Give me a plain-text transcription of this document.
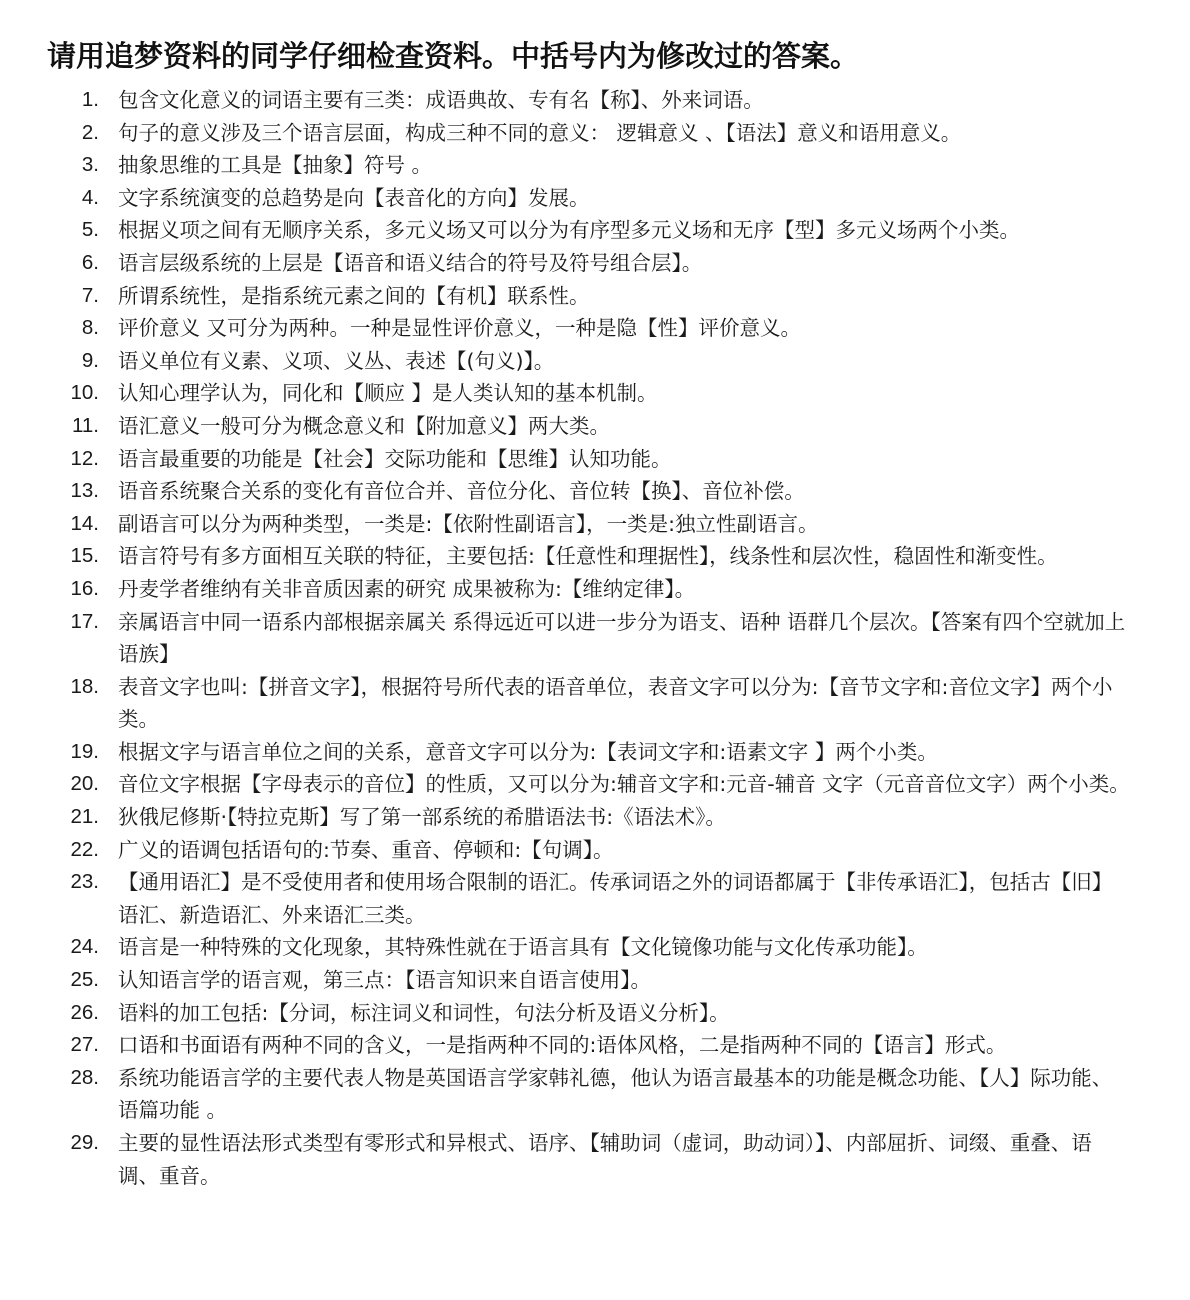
请用追梦资料的同学仔细检查资料。中括号内为修改过的答案。
1. 包含文化意义的词语主要有三类：成语典故、专有名【称】、外来词语。
2. 句子的意义涉及三个语言层面，构成三种不同的意义： 逻辑意义 、【语法】意义和语用意义。
3. 抽象思维的工具是【抽象】符号 。
4. 文字系统演变的总趋势是向【表音化的方向】发展。
5. 根据义项之间有无顺序关系，多元义场又可以分为有序型多元义场和无序【型】多元义场两个小类。
6. 语言层级系统的上层是【语音和语义结合的符号及符号组合层】。
7. 所谓系统性，是指系统元素之间的【有机】联系性。
8. 评价意义 又可分为两种。一种是显性评价意义，一种是隐【性】评价意义。
9. 语义单位有义素、义项、义丛、表述【(句义)】。
10. 认知心理学认为，同化和【顺应 】是人类认知的基本机制。
11. 语汇意义一般可分为概念意义和【附加意义】两大类。
12. 语言最重要的功能是【社会】交际功能和【思维】认知功能。
13. 语音系统聚合关系的变化有音位合并、音位分化、音位转【换】、音位补偿。
14. 副语言可以分为两种类型，一类是:【依附性副语言】，一类是:独立性副语言。
15. 语言符号有多方面相互关联的特征，主要包括:【任意性和理据性】，线条性和层次性，稳固性和渐变性。
16. 丹麦学者维纳有关非音质因素的研究 成果被称为:【维纳定律】。
17. 亲属语言中同一语系内部根据亲属关 系得远近可以进一步分为语支、语种 语群几个层次。【答案有四个空就加上语族】
18. 表音文字也叫:【拼音文字】，根据符号所代表的语音单位，表音文字可以分为:【音节文字和:音位文字】两个小类。
19. 根据文字与语言单位之间的关系，意音文字可以分为:【表词文字和:语素文字 】两个小类。
20. 音位文字根据【字母表示的音位】的性质，又可以分为:辅音文字和:元音-辅音 文字（元音音位文字）两个小类。
21. 狄俄尼修斯·【特拉克斯】写了第一部系统的希腊语法书:《语法术》。
22. 广义的语调包括语句的:节奏、重音、停顿和:【句调】。
23. 【通用语汇】是不受使用者和使用场合限制的语汇。传承词语之外的词语都属于【非传承语汇】，包括古【旧】语汇、新造语汇、外来语汇三类。
24. 语言是一种特殊的文化现象，其特殊性就在于语言具有【文化镜像功能与文化传承功能】。
25. 认知语言学的语言观，第三点：【语言知识来自语言使用】。
26. 语料的加工包括:【分词，标注词义和词性，句法分析及语义分析】。
27. 口语和书面语有两种不同的含义，一是指两种不同的:语体风格，二是指两种不同的【语言】形式。
28. 系统功能语言学的主要代表人物是英国语言学家韩礼德，他认为语言最基本的功能是概念功能、【人】际功能、语篇功能 。
29. 主要的显性语法形式类型有零形式和异根式、语序、【辅助词（虚词，助动词）】、内部屈折、词缀、重叠、语调、重音。
